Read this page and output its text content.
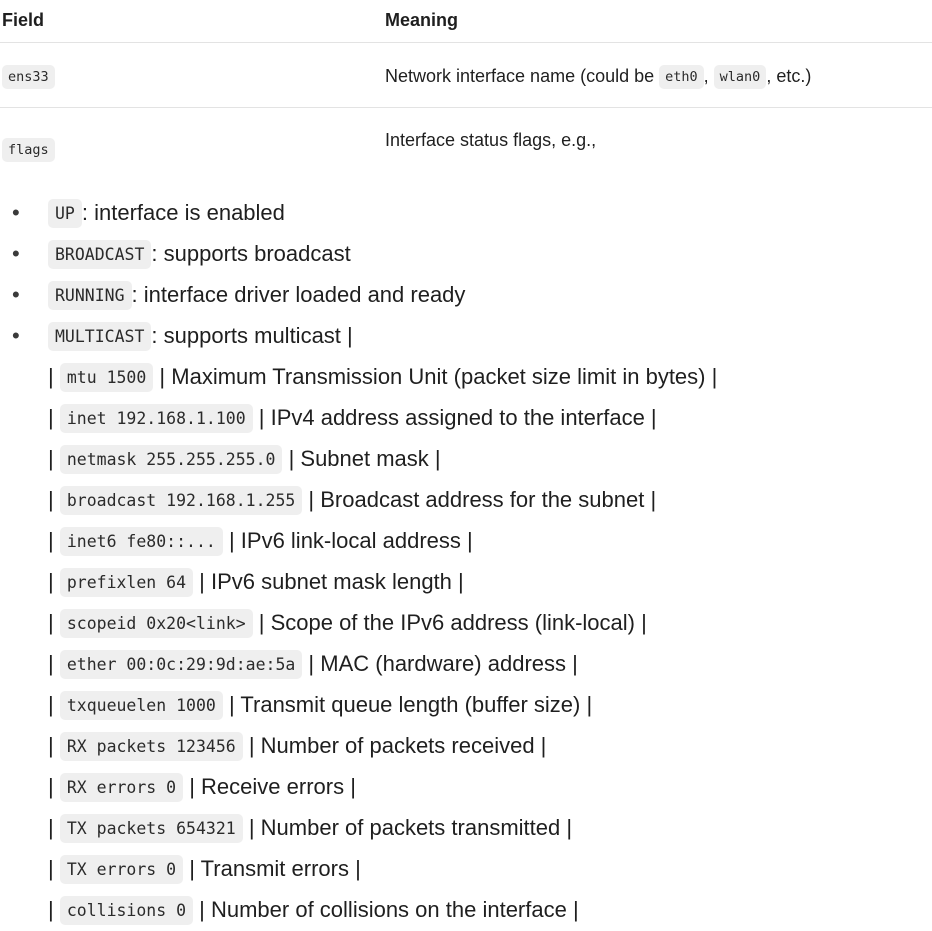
Field	Meaning
ens33	Network interface name (could be eth0 , wlan0 , etc.)
flags	Interface status flags, e.g.,
•	UP : interface is enabled
•	BROADCAST : supports broadcast
•	RUNNING : interface driver loaded and ready
•	MULTICAST : supports multicast |
| mtu 1500 | Maximum Transmission Unit (packet size limit in bytes) |
| inet 192.168.1.100 | IPv4 address assigned to the interface |
| netmask 255.255.255.0 | Subnet mask |
| broadcast 192.168.1.255 | Broadcast address for the subnet |
| inet6 fe80::... | IPv6 link-local address |
| prefixlen 64 | IPv6 subnet mask length |
| scopeid 0x20<link> | Scope of the IPv6 address (link-local) |
| ether 00:0c:29:9d:ae:5a | MAC (hardware) address |
| txqueuelen 1000 | Transmit queue length (buffer size) |
| RX packets 123456 | Number of packets received |
| RX errors 0 | Receive errors |
| TX packets 654321 | Number of packets transmitted |
| TX errors 0 | Transmit errors |
| collisions 0 | Number of collisions on the interface |
